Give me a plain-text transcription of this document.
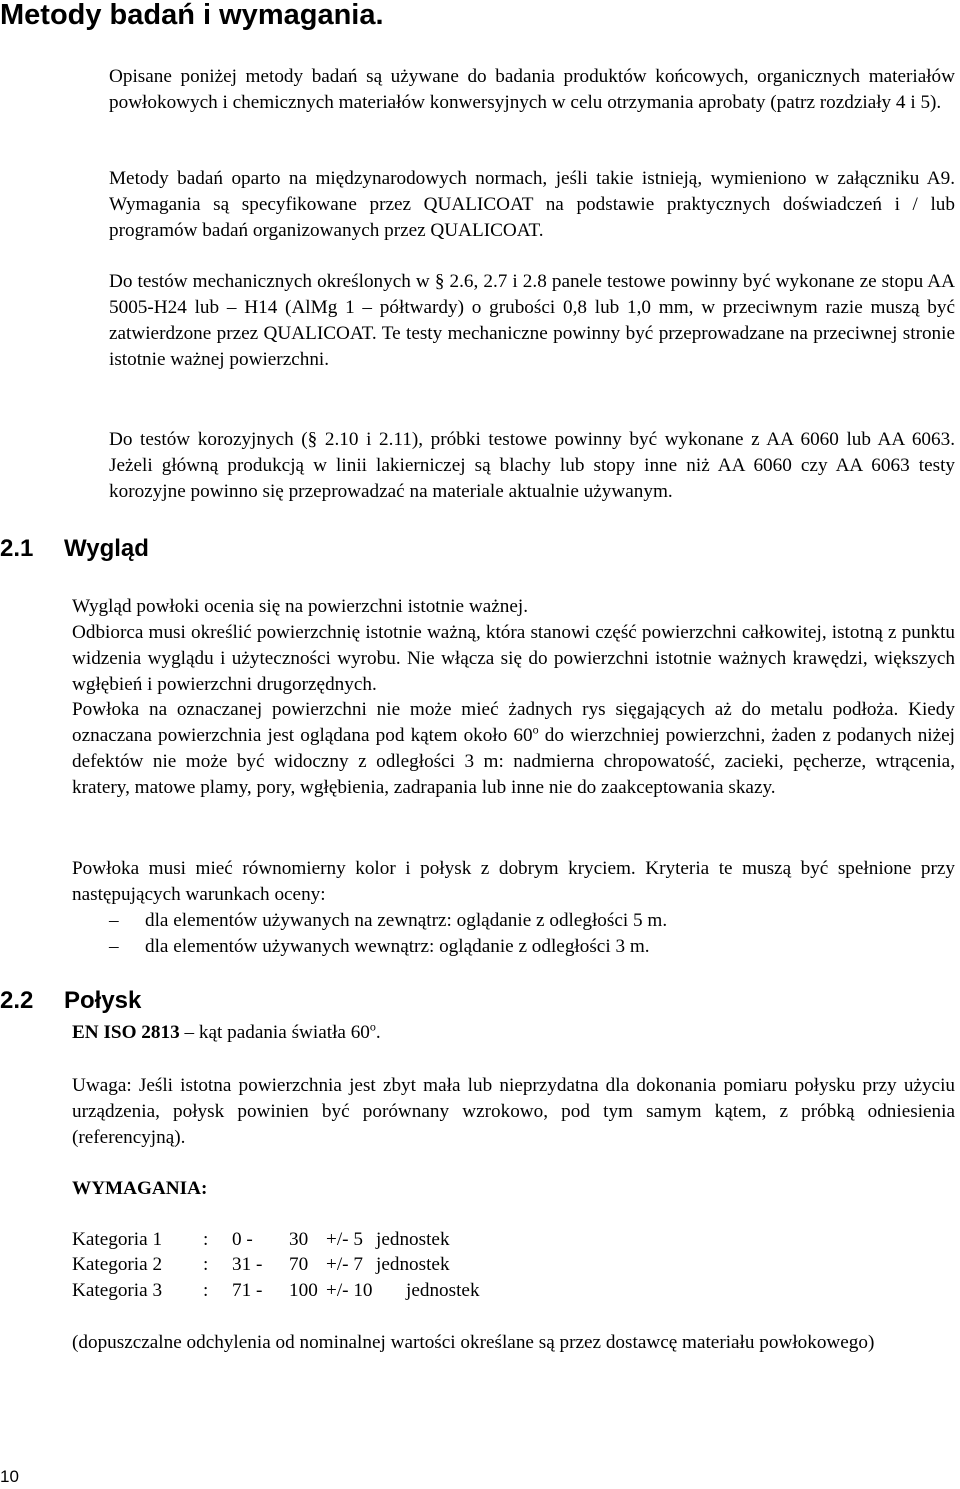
Metody badań i wymagania.
Opisane poniżej metody badań są używane do badania produktów końcowych, organicznych materiałów powłokowych i chemicznych materiałów konwersyjnych w celu otrzymania aprobaty (patrz rozdziały 4 i 5).
Metody badań oparto na międzynarodowych normach, jeśli takie istnieją, wymieniono w załączniku A9. Wymagania są specyfikowane przez QUALICOAT na podstawie praktycznych doświadczeń i / lub programów badań organizowanych przez QUALICOAT.
Do testów mechanicznych określonych w § 2.6, 2.7 i 2.8 panele testowe powinny być wykonane ze stopu AA 5005-H24 lub – H14 (AlMg 1 – półtwardy) o grubości 0,8 lub 1,0 mm, w przeciwnym razie muszą być zatwierdzone przez QUALICOAT. Te testy mechaniczne powinny być przeprowadzane na przeciwnej stronie istotnie ważnej powierzchni.
Do testów korozyjnych (§ 2.10 i 2.11), próbki testowe powinny być wykonane z AA 6060 lub AA 6063. Jeżeli główną produkcją w linii lakierniczej są blachy lub stopy inne niż AA 6060 czy AA 6063 testy korozyjne powinno się przeprowadzać na materiale aktualnie używanym.
2.1 Wygląd
Wygląd powłoki ocenia się na powierzchni istotnie ważnej.
Odbiorca musi określić powierzchnię istotnie ważną, która stanowi część powierzchni całkowitej, istotną z punktu widzenia wyglądu i użyteczności wyrobu. Nie włącza się do powierzchni istotnie ważnych krawędzi, większych wgłębień i powierzchni drugorzędnych.
Powłoka na oznaczanej powierzchni nie może mieć żadnych rys sięgających aż do metalu podłoża. Kiedy oznaczana powierzchnia jest oglądana pod kątem około 60$^o$ do wierzchniej powierzchni, żaden z podanych niżej defektów nie może być widoczny z odległości 3 m: nadmierna chropowatość, zacieki, pęcherze, wtrącenia, kratery, matowe plamy, pory, wgłębienia, zadrapania lub inne nie do zaakceptowania skazy.
Powłoka musi mieć równomierny kolor i połysk z dobrym kryciem. Kryteria te muszą być spełnione przy następujących warunkach oceny:
– dla elementów używanych na zewnątrz: oglądanie z odległości 5 m.
– dla elementów używanych wewnątrz: oglądanie z odległości 3 m.
2.2 Połysk
EN ISO 2813 – kąt padania światła 60$^o$.
Uwaga: Jeśli istotna powierzchnia jest zbyt mała lub nieprzydatna dla dokonania pomiaru połysku przy użyciu urządzenia, połysk powinien być porównany wzrokowo, pod tym samym kątem, z próbką odniesienia (referencyjną).
WYMAGANIA:
Kategoria 1 : 0 - 30 +/- 5 jednostek
Kategoria 2 : 31 - 70 +/- 7 jednostek
Kategoria 3 : 71 - 100 +/- 10 jednostek
(dopuszczalne odchylenia od nominalnej wartości określane są przez dostawcę materiału powłokowego)
10
